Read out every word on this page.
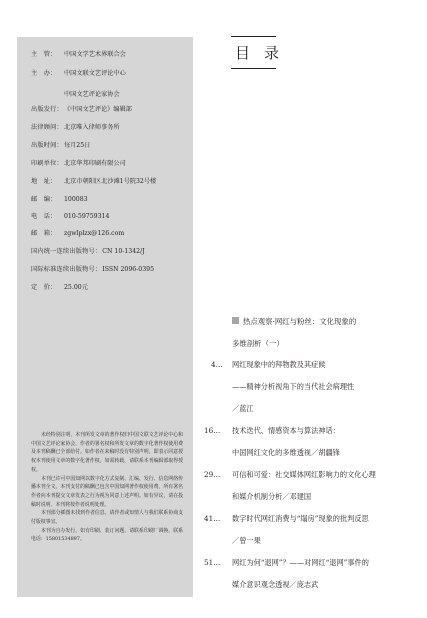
主　管： 中国文学艺术界联合会
主　办： 中国文联文艺评论中心
中国文艺评论家协会
出版发行：《中国文艺评论》编辑部
法律顾问：北京唯入律师事务所
出版时间：每月25日
印刷单位：北京华邦印刷有限公司
地　址： 北京市朝阳区北沙滩1号院32号楼
邮　编： 100083
电　话： 010-59759314
邮　箱： zgwlplzx@126.com
国内统一连续出版物号：CN 10-1342/J
国际标准连续出版物号：ISSN 2096-0395
定　价： 25.00元

未经特别注明，本刊所发文章的著作权归中国文联文艺评论中心和中国文艺评论家协会，作者的署名权和所发文章的数字化著作权使用费及本刊稿酬已全部给付。如作者在来稿时没有特别声明，即表示同意授权本刊使用文章的数字化著作权。如需转载，请联系本刊编辑部取得授权。

本刊已许可中国知网以数字化方式复制、汇编、发行、信息网络传播本刊全文。本刊支付的稿酬已包含中国知网著作权使用费，所有署名作者向本刊提交文章发表之行为视为同意上述声明。如有异议，请在投稿时说明，本刊将按作者说明处理。

本刊部分插图未找到作者信息，请作者或知情人与我们联系协商支付版权事宜。

本刊为自办发行，如有印刷、装订问题，请联系印刷厂调换，联系电话：15801534897。

目录
热点观察·网红与粉丝：文化现象的
多维剖析（一）
4…	网红现象中的拜物教及其症候
——精神分析视角下的当代社会病理性
／蓝江
16…	技术迭代、情感资本与算法神话：
中国网红文化的多维透视／胡疆锋
29…	可信和可爱：社交媒体网红影响力的文化心理
和媒介机制分析／邓建国
41…	数字时代网红消费与“塌房”现象的批判反思
／曾一果
51…	网红为何“退网”？——对网红“退网”事件的
媒介意识观念透视／庞志武
